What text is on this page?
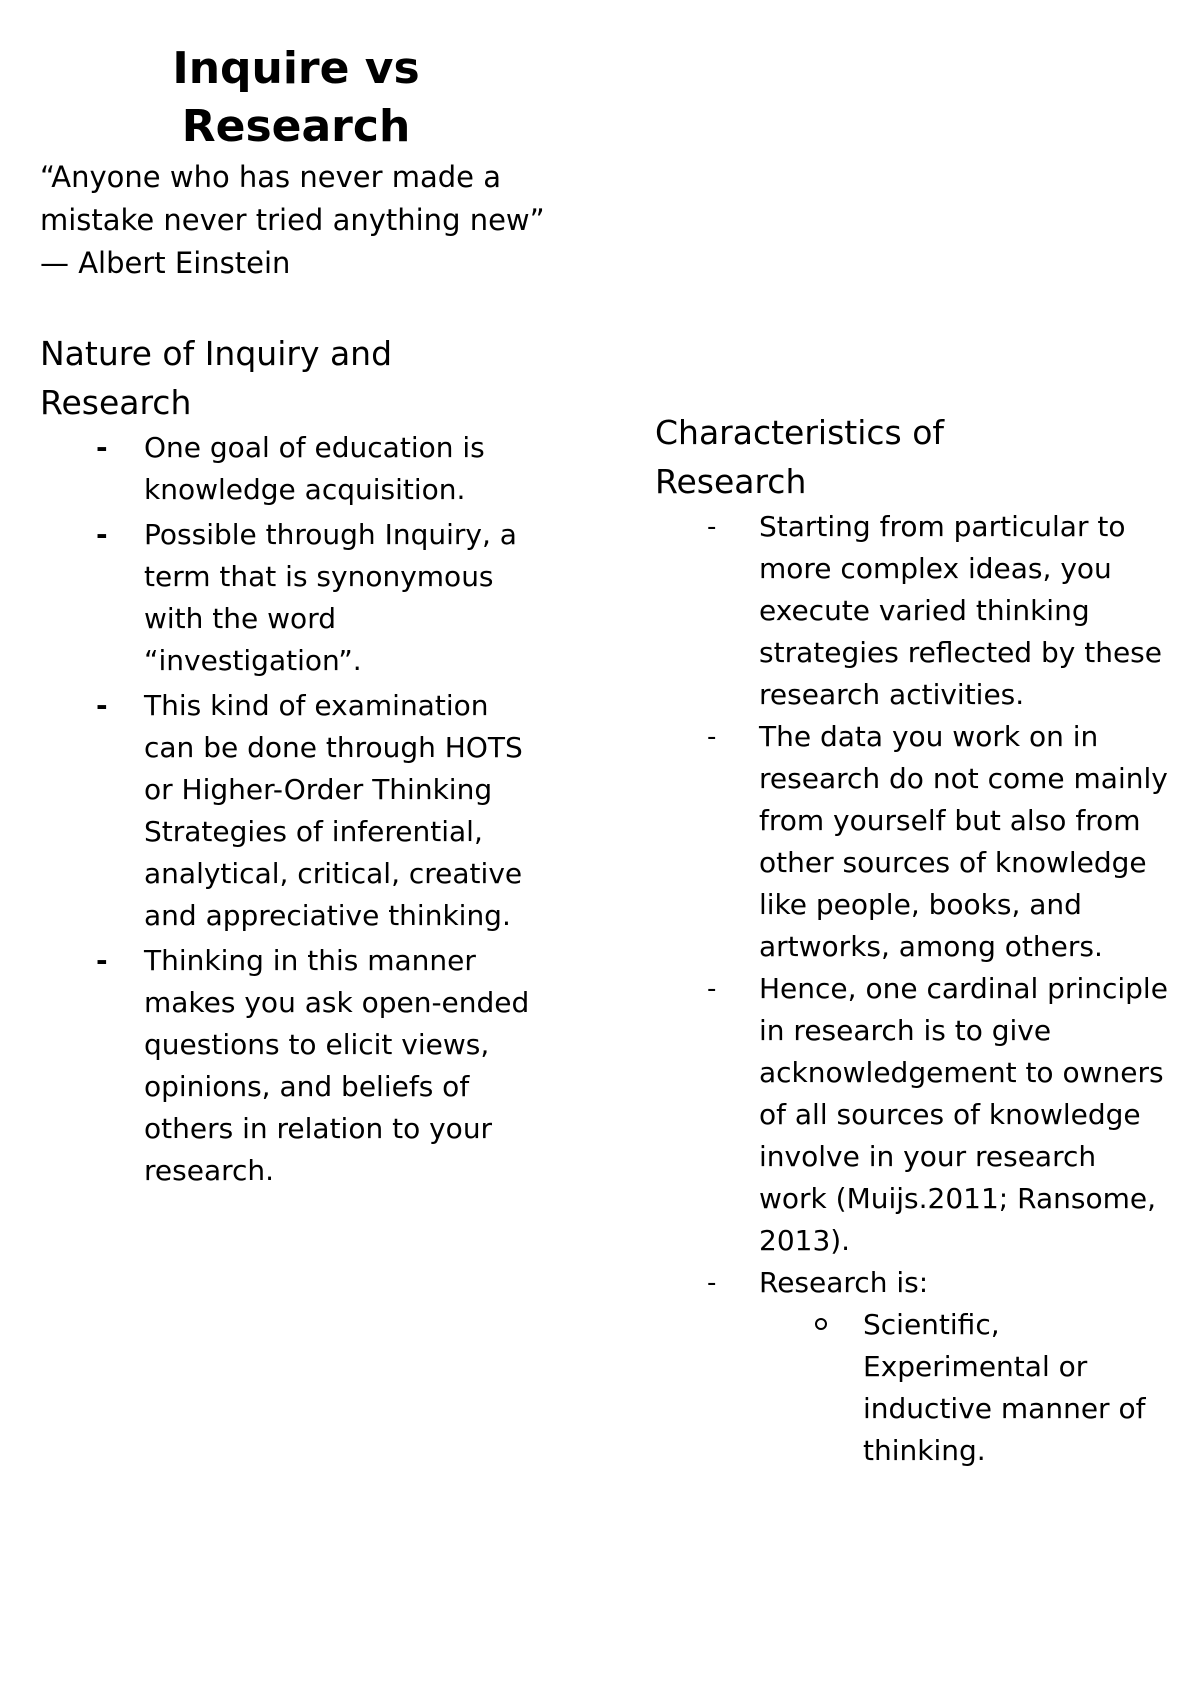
Inquire vs
Research

“Anyone who has never made a mistake never tried anything new” — Albert Einstein

Nature of Inquiry and Research
- One goal of education is knowledge acquisition.
- Possible through Inquiry, a term that is synonymous with the word “investigation”.
- This kind of examination can be done through HOTS or Higher-Order Thinking Strategies of inferential, analytical, critical, creative and appreciative thinking.
- Thinking in this manner makes you ask open-ended questions to elicit views, opinions, and beliefs of others in relation to your research.
Characteristics of Research
- Starting from particular to more complex ideas, you execute varied thinking strategies reflected by these research activities.
- The data you work on in research do not come mainly from yourself but also from other sources of knowledge like people, books, and artworks, among others.
- Hence, one cardinal principle in research is to give acknowledgement to owners of all sources of knowledge involve in your research work (Muijs.2011; Ransome, 2013).
- Research is:
Scientific, Experimental or inductive manner of thinking.
